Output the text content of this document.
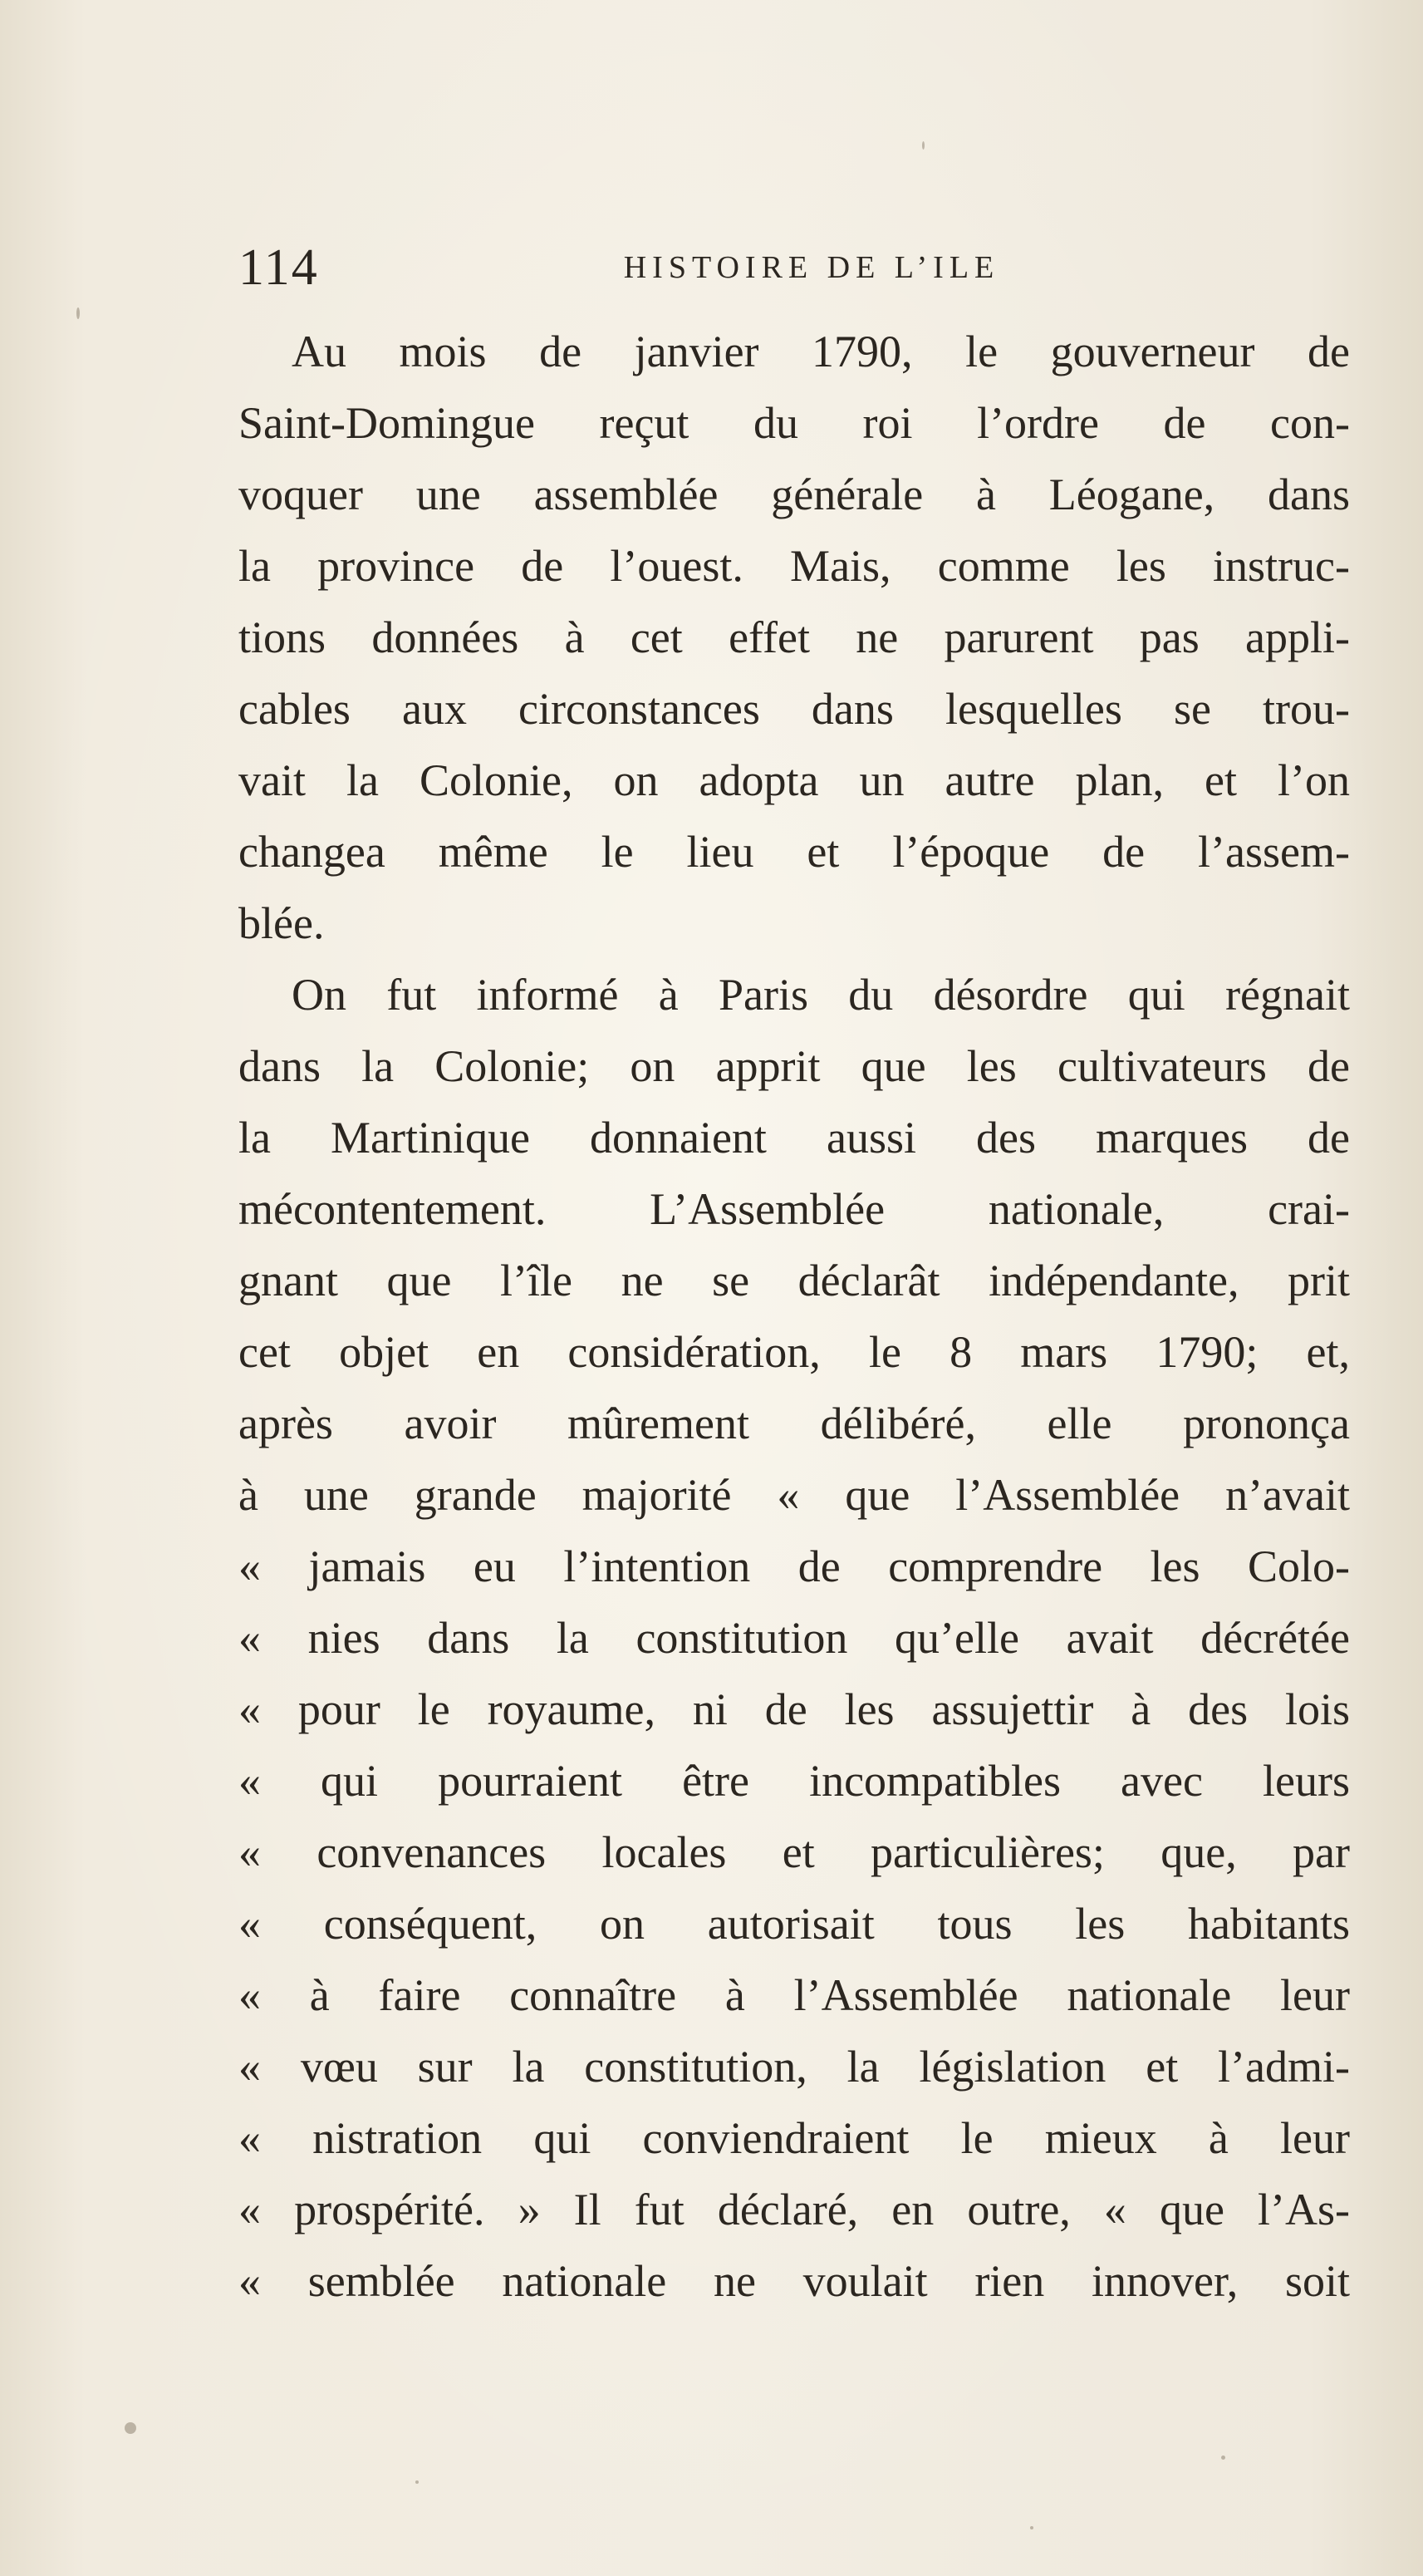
114	HISTOIRE DE L’ILE
Au mois de janvier 1790, le gouverneur de
Saint-Domingue reçut du roi l’ordre de con-
voquer une assemblée générale à Léogane, dans
la province de l’ouest. Mais, comme les instruc-
tions données à cet effet ne parurent pas appli-
cables aux circonstances dans lesquelles se trou-
vait la Colonie, on adopta un autre plan, et l’on
changea même le lieu et l’époque de l’assem-
blée.
On fut informé à Paris du désordre qui régnait
dans la Colonie; on apprit que les cultivateurs de
la Martinique donnaient aussi des marques de
mécontentement. L’Assemblée nationale, crai-
gnant que l’île ne se déclarât indépendante, prit
cet objet en considération, le 8 mars 1790; et,
après avoir mûrement délibéré, elle prononça
à une grande majorité « que l’Assemblée n’avait
« jamais eu l’intention de comprendre les Colo-
« nies dans la constitution qu’elle avait décrétée
« pour le royaume, ni de les assujettir à des lois
« qui pourraient être incompatibles avec leurs
« convenances locales et particulières; que, par
« conséquent, on autorisait tous les habitants
« à faire connaître à l’Assemblée nationale leur
« vœu sur la constitution, la législation et l’admi-
« nistration qui conviendraient le mieux à leur
« prospérité. » Il fut déclaré, en outre, « que l’As-
« semblée nationale ne voulait rien innover, soit
